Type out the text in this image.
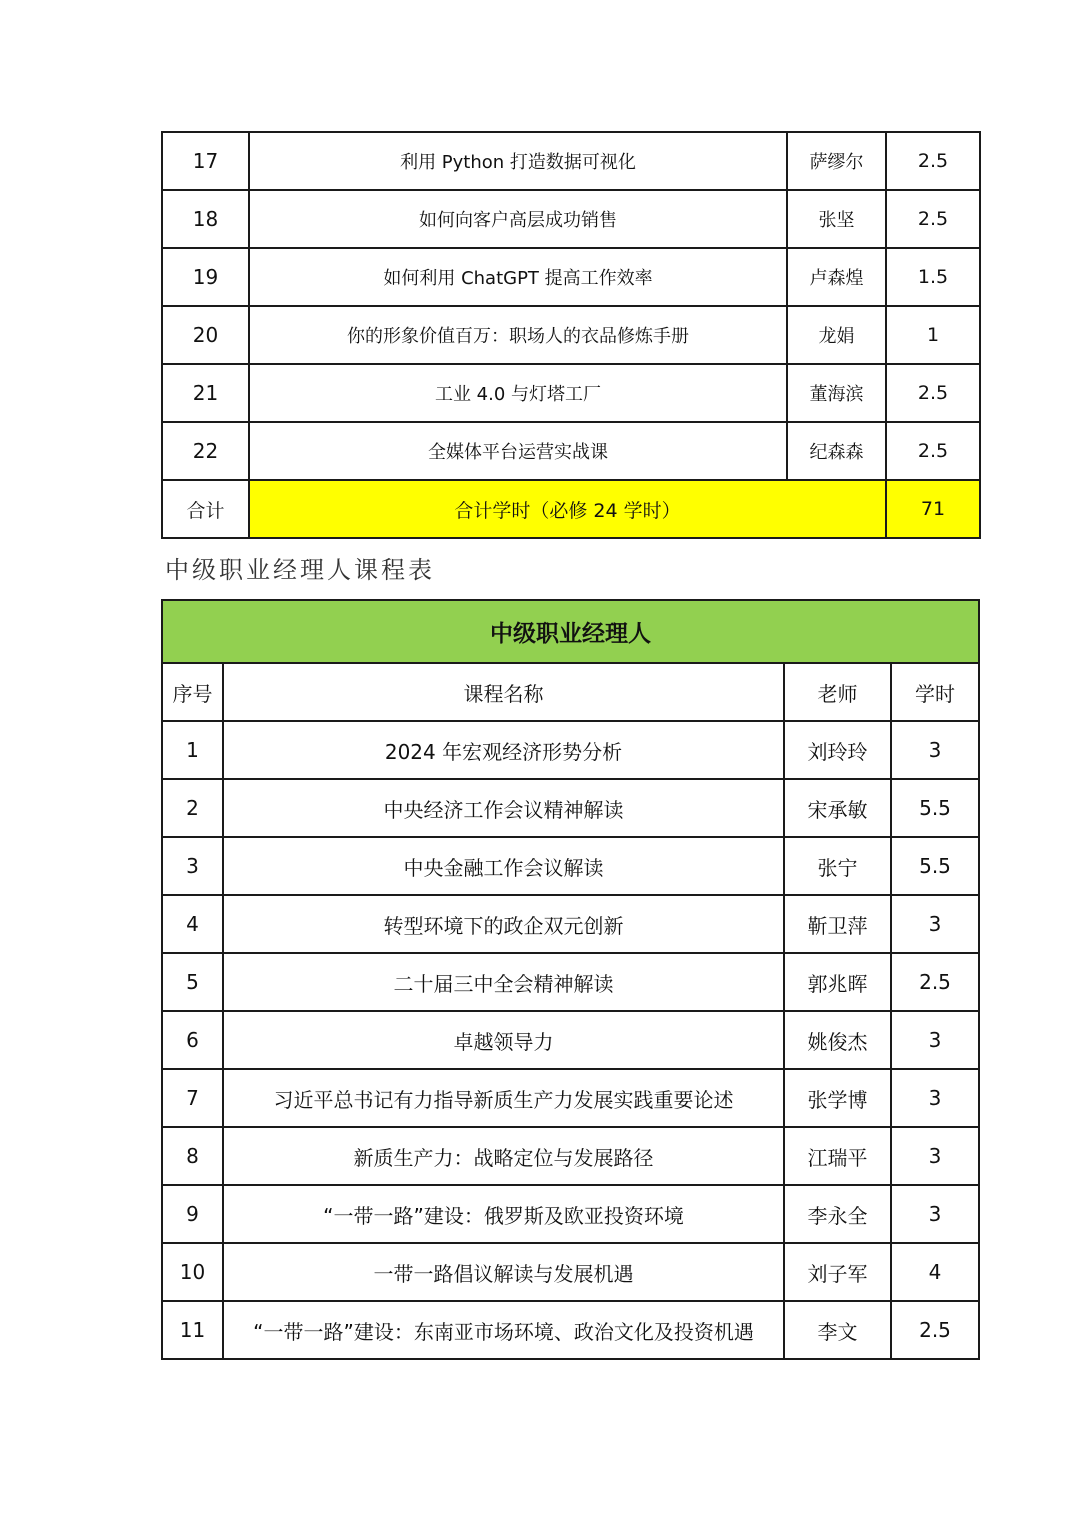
17	利用 Python 打造数据可视化	萨缪尔	2.5
18	如何向客户高层成功销售	张坚	2.5
19	如何利用 ChatGPT 提高工作效率	卢森煌	1.5
20	你的形象价值百万：职场人的衣品修炼手册	龙娟	1
21	工业 4.0 与灯塔工厂	董海滨	2.5
22	全媒体平台运营实战课	纪森森	2.5
合计	合计学时（必修 24 学时）		71
中级职业经理人课程表
中级职业经理人			
序号	课程名称	老师	学时
1	2024 年宏观经济形势分析	刘玲玲	3
2	中央经济工作会议精神解读	宋承敏	5.5
3	中央金融工作会议解读	张宁	5.5
4	转型环境下的政企双元创新	靳卫萍	3
5	二十届三中全会精神解读	郭兆晖	2.5
6	卓越领导力	姚俊杰	3
7	习近平总书记有力指导新质生产力发展实践重要论述	张学博	3
8	新质生产力：战略定位与发展路径	江瑞平	3
9	“一带一路”建设：俄罗斯及欧亚投资环境	李永全	3
10	一带一路倡议解读与发展机遇	刘子军	4
11	“一带一路”建设：东南亚市场环境、政治文化及投资机遇	李文	2.5
